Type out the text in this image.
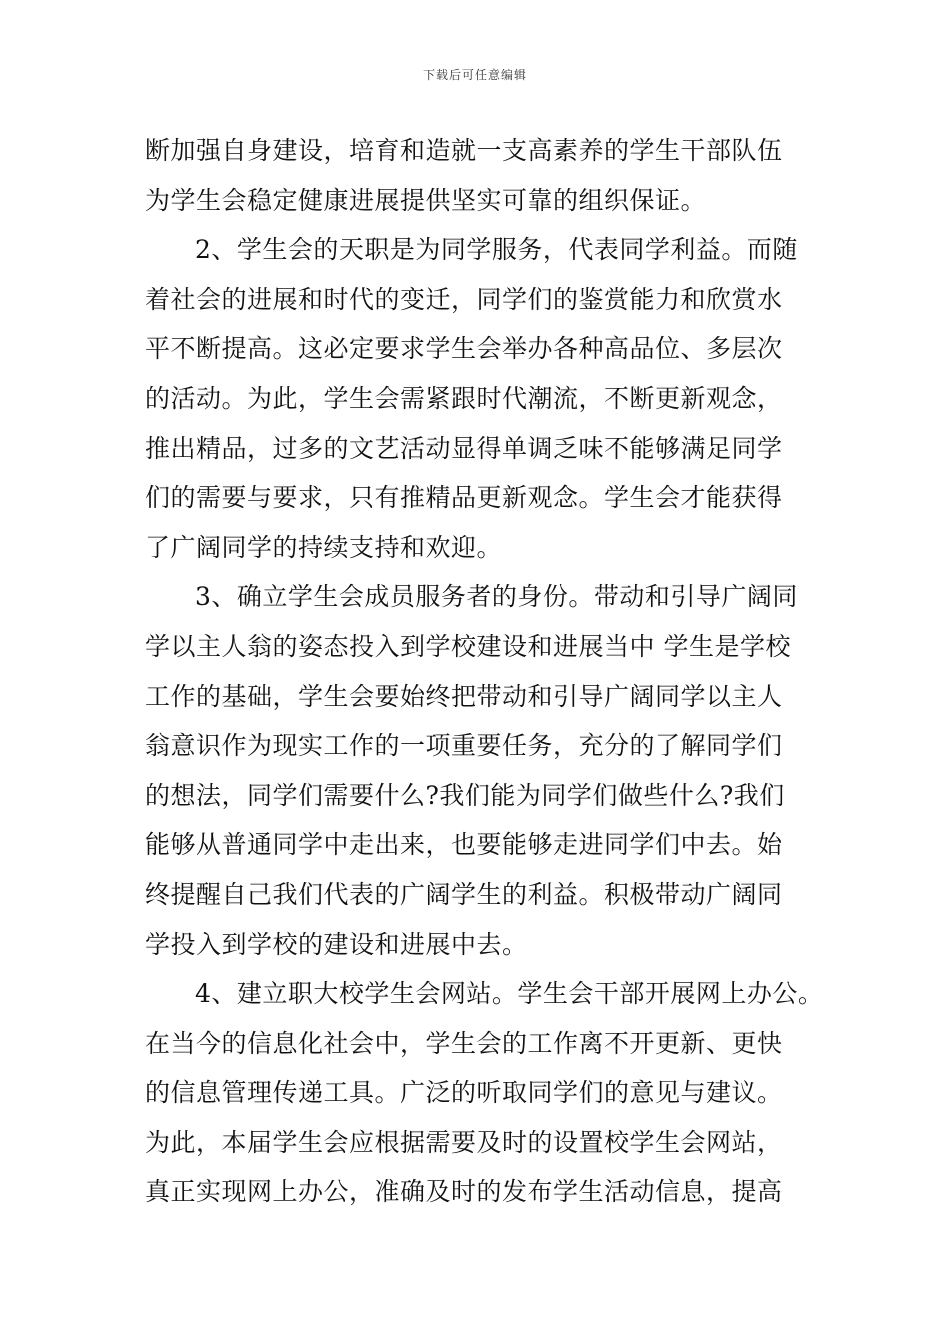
下载后可任意编辑
断加强自身建设，培育和造就一支高素养的学生干部队伍
为学生会稳定健康进展提供坚实可靠的组织保证。
2、学生会的天职是为同学服务，代表同学利益。而随
着社会的进展和时代的变迁，同学们的鉴赏能力和欣赏水
平不断提高。这必定要求学生会举办各种高品位、多层次
的活动。为此，学生会需紧跟时代潮流，不断更新观念，
推出精品，过多的文艺活动显得单调乏味不能够满足同学
们的需要与要求，只有推精品更新观念。学生会才能获得
了广阔同学的持续支持和欢迎。
3、确立学生会成员服务者的身份。带动和引导广阔同
学以主人翁的姿态投入到学校建设和进展当中 学生是学校
工作的基础，学生会要始终把带动和引导广阔同学以主人
翁意识作为现实工作的一项重要任务，充分的了解同学们
的想法，同学们需要什么?我们能为同学们做些什么?我们
能够从普通同学中走出来，也要能够走进同学们中去。始
终提醒自己我们代表的广阔学生的利益。积极带动广阔同
学投入到学校的建设和进展中去。
4、建立职大校学生会网站。学生会干部开展网上办公。
在当今的信息化社会中，学生会的工作离不开更新、更快
的信息管理传递工具。广泛的听取同学们的意见与建议。
为此，本届学生会应根据需要及时的设置校学生会网站，
真正实现网上办公，准确及时的发布学生活动信息，提高
